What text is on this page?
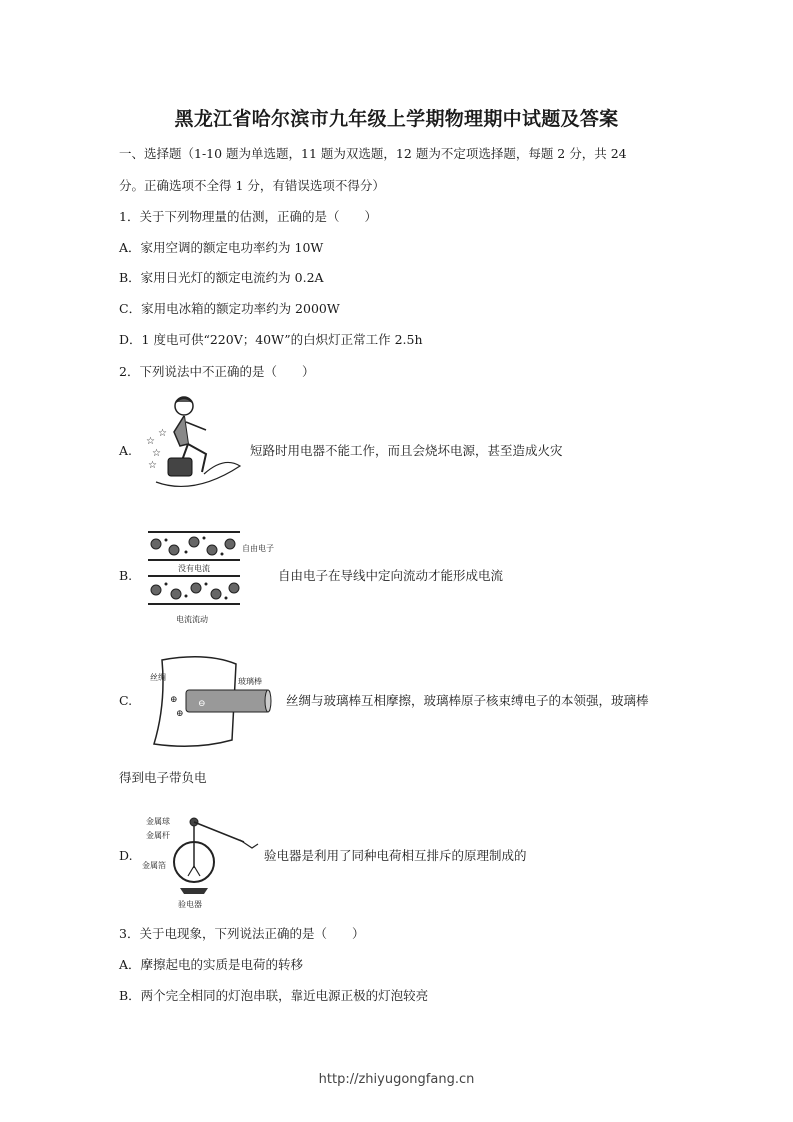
黑龙江省哈尔滨市九年级上学期物理期中试题及答案
一、选择题（1-10 题为单选题，11 题为双选题，12 题为不定项选择题，每题 2 分，共 24
分。正确选项不全得 1 分，有错误选项不得分）
1．关于下列物理量的估测，正确的是（　　）
A．家用空调的额定电功率约为 10W
B．家用日光灯的额定电流约为 0.2A
C．家用电冰箱的额定功率约为 2000W
D．1 度电可供“220V；40W”的白炽灯正常工作 2.5h
2．下列说法中不正确的是（　　）
A.
☆
☆
☆
☆
短路时用电器不能工作，而且会烧坏电源，甚至造成火灾
B.
自由电子
没有电流
电流流动
自由电子在导线中定向流动才能形成电流
C.	⊕
⊕
⊖
丝绸	玻璃棒
丝绸与玻璃棒互相摩擦，玻璃棒原子核束缚电子的本领强，玻璃棒
得到电子带负电
D.
金属球
金属杆
金属箔
验电器
验电器是利用了同种电荷相互排斥的原理制成的
3．关于电现象，下列说法正确的是（　　）
A．摩擦起电的实质是电荷的转移
B．两个完全相同的灯泡串联，靠近电源正极的灯泡较亮
http://zhiyugongfang.cn
